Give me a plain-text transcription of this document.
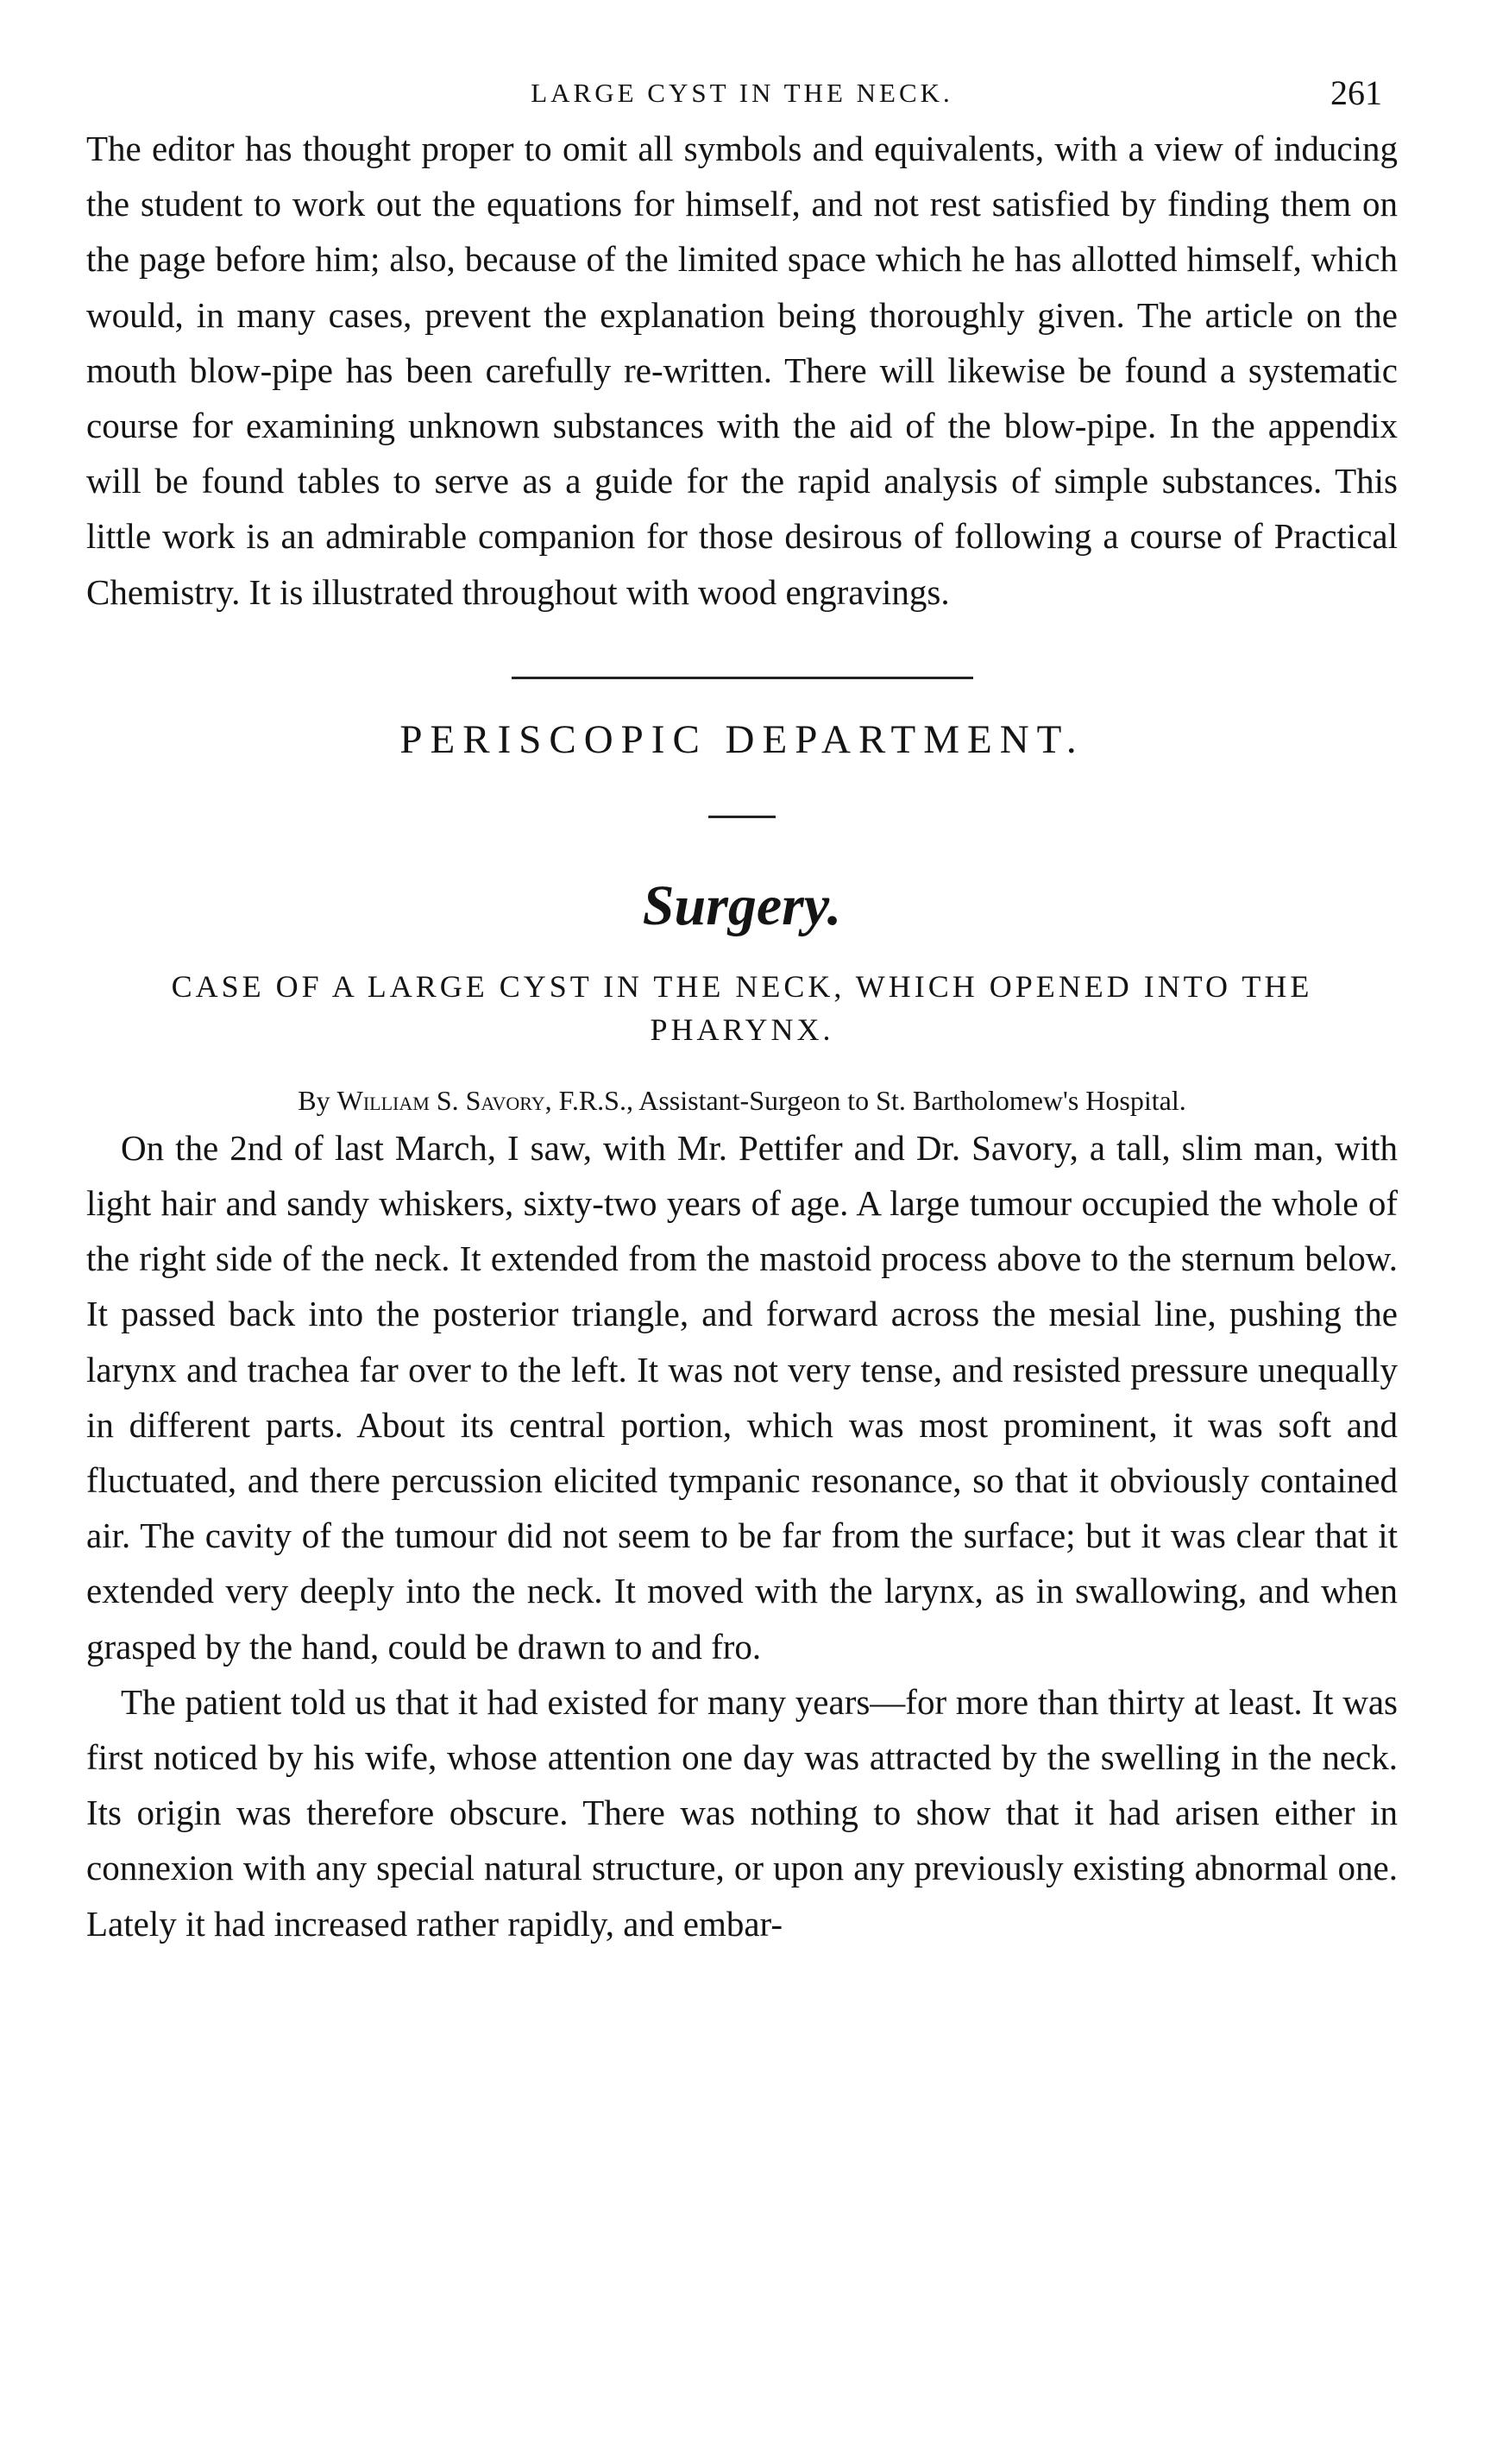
LARGE CYST IN THE NECK.	261

The editor has thought proper to omit all symbols and equivalents, with a view of inducing the student to work out the equations for himself, and not rest satisfied by finding them on the page before him; also, because of the limited space which he has allotted himself, which would, in many cases, prevent the explanation being thoroughly given. The article on the mouth blow-pipe has been carefully re-written. There will likewise be found a systematic course for examining unknown substances with the aid of the blow-pipe. In the appendix will be found tables to serve as a guide for the rapid analysis of simple substances. This little work is an admirable companion for those desirous of following a course of Practical Chemistry. It is illustrated throughout with wood engravings.

PERISCOPIC DEPARTMENT.
Surgery.
CASE OF A LARGE CYST IN THE NECK, WHICH OPENED INTO THE PHARYNX.
By William S. Savory, F.R.S., Assistant-Surgeon to St. Bartholomew's Hospital.

On the 2nd of last March, I saw, with Mr. Pettifer and Dr. Savory, a tall, slim man, with light hair and sandy whiskers, sixty-two years of age. A large tumour occupied the whole of the right side of the neck. It extended from the mastoid process above to the sternum below. It passed back into the posterior triangle, and forward across the mesial line, pushing the larynx and trachea far over to the left. It was not very tense, and resisted pressure unequally in different parts. About its central portion, which was most prominent, it was soft and fluctuated, and there percussion elicited tympanic resonance, so that it obviously contained air. The cavity of the tumour did not seem to be far from the surface; but it was clear that it extended very deeply into the neck. It moved with the larynx, as in swallowing, and when grasped by the hand, could be drawn to and fro.

The patient told us that it had existed for many years—for more than thirty at least. It was first noticed by his wife, whose attention one day was attracted by the swelling in the neck. Its origin was therefore obscure. There was nothing to show that it had arisen either in connexion with any special natural structure, or upon any previously existing abnormal one. Lately it had increased rather rapidly, and embar-
